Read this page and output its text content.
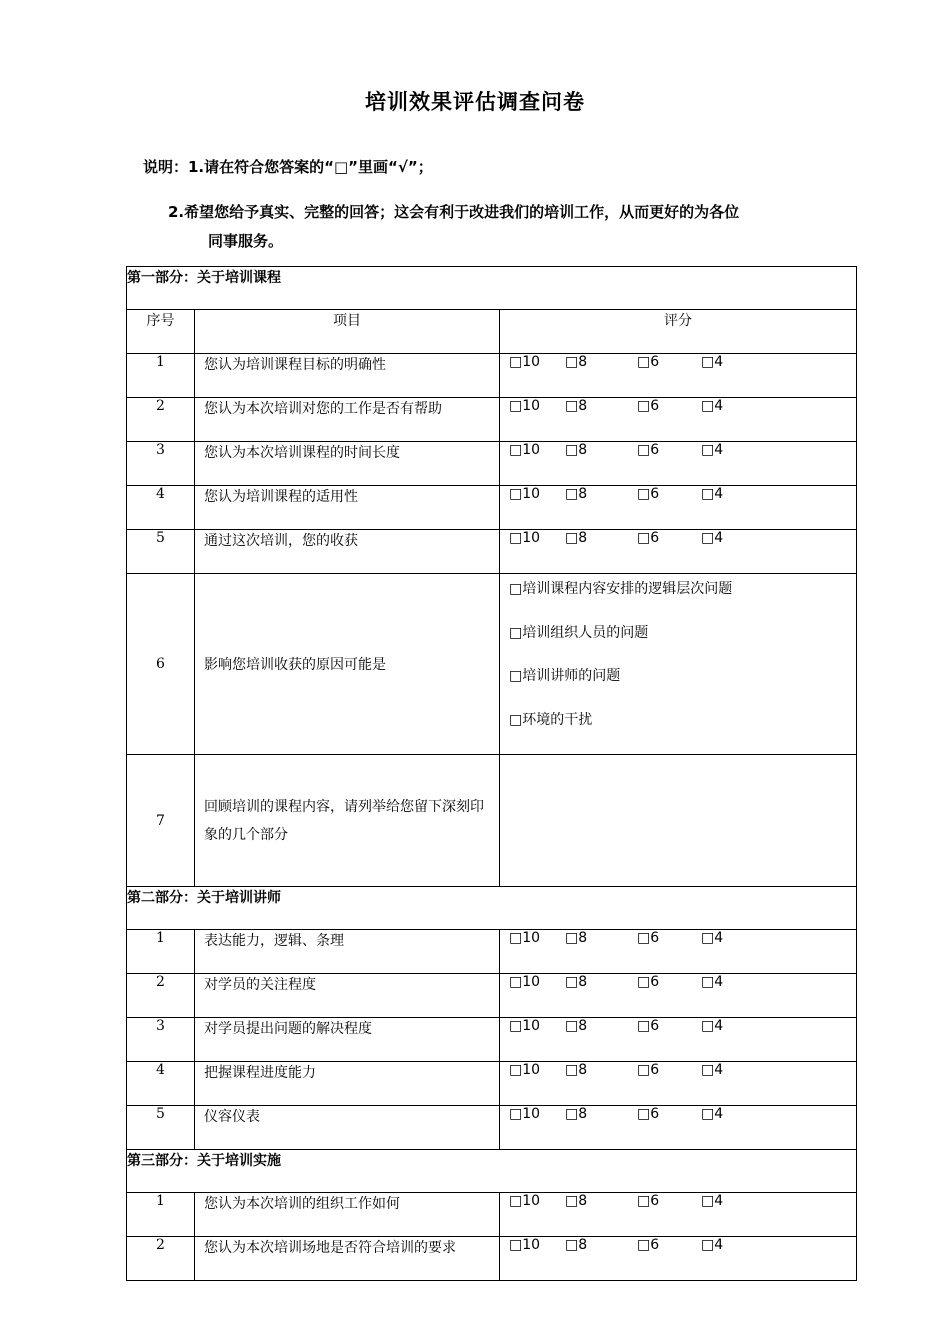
培训效果评估调查问卷
说明：1.请在符合您答案的“□”里画“√”；
2.希望您给予真实、完整的回答；这会有利于改进我们的培训工作，从而更好的为各位
同事服务。
第一部分：关于培训课程		
序号	项目	评分
1	您认为培训课程目标的明确性	□10 □8 □6 □4

2	您认为本次培训对您的工作是否有帮助	□10 □8 □6 □4

3	您认为本次培训课程的时间长度	□10 □8 □6 □4

4	您认为培训课程的适用性	□10 □8 □6 □4

5	通过这次培训，您的收获	□10 □8 □6 □4

6	影响您培训收获的原因可能是	□培训课程内容安排的逻辑层次问题
□培训组织人员的问题
□培训讲师的问题
□环境的干扰

7	回顾培训的课程内容，请列举给您留下深刻印象的几个部分	
第二部分：关于培训讲师		
1	表达能力，逻辑、条理	□10 □8 □6 □4

2	对学员的关注程度	□10 □8 □6 □4

3	对学员提出问题的解决程度	□10 □8 □6 □4

4	把握课程进度能力	□10 □8 □6 □4

5	仪容仪表	□10 □8 □6 □4

第三部分：关于培训实施		
1	您认为本次培训的组织工作如何	□10 □8 □6 □4

2	您认为本次培训场地是否符合培训的要求	□10 □8 □6 □4
